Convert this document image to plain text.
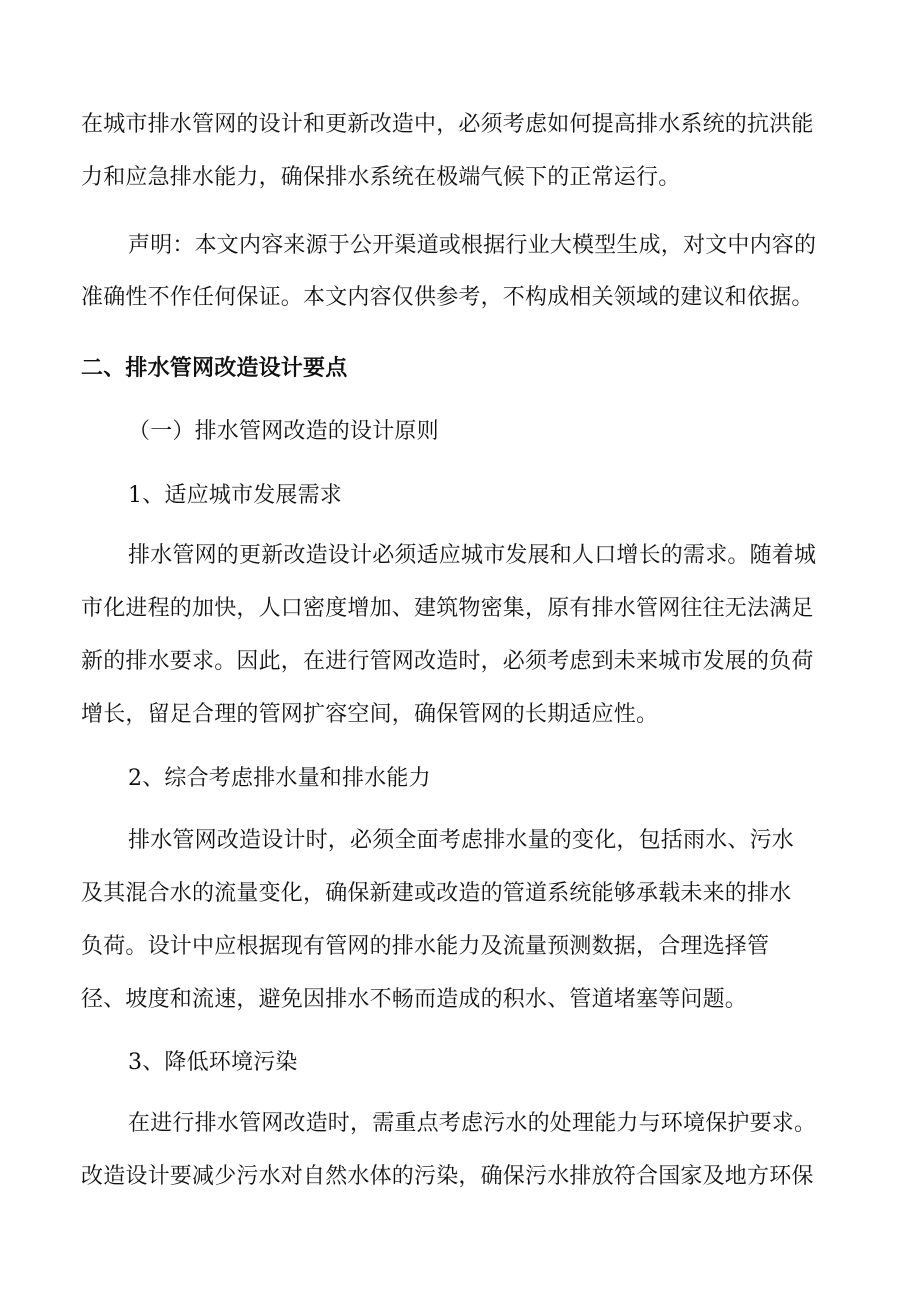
在城市排水管网的设计和更新改造中，必须考虑如何提高排水系统的抗洪能
力和应急排水能力，确保排水系统在极端气候下的正常运行。
声明：本文内容来源于公开渠道或根据行业大模型生成，对文中内容的
准确性不作任何保证。本文内容仅供参考，不构成相关领域的建议和依据。
二、排水管网改造设计要点
（一）排水管网改造的设计原则
1、适应城市发展需求
排水管网的更新改造设计必须适应城市发展和人口增长的需求。随着城
市化进程的加快，人口密度增加、建筑物密集，原有排水管网往往无法满足
新的排水要求。因此，在进行管网改造时，必须考虑到未来城市发展的负荷
增长，留足合理的管网扩容空间，确保管网的长期适应性。
2、综合考虑排水量和排水能力
排水管网改造设计时，必须全面考虑排水量的变化，包括雨水、污水
及其混合水的流量变化，确保新建或改造的管道系统能够承载未来的排水
负荷。设计中应根据现有管网的排水能力及流量预测数据，合理选择管
径、坡度和流速，避免因排水不畅而造成的积水、管道堵塞等问题。
3、降低环境污染
在进行排水管网改造时，需重点考虑污水的处理能力与环境保护要求。
改造设计要减少污水对自然水体的污染，确保污水排放符合国家及地方环保
